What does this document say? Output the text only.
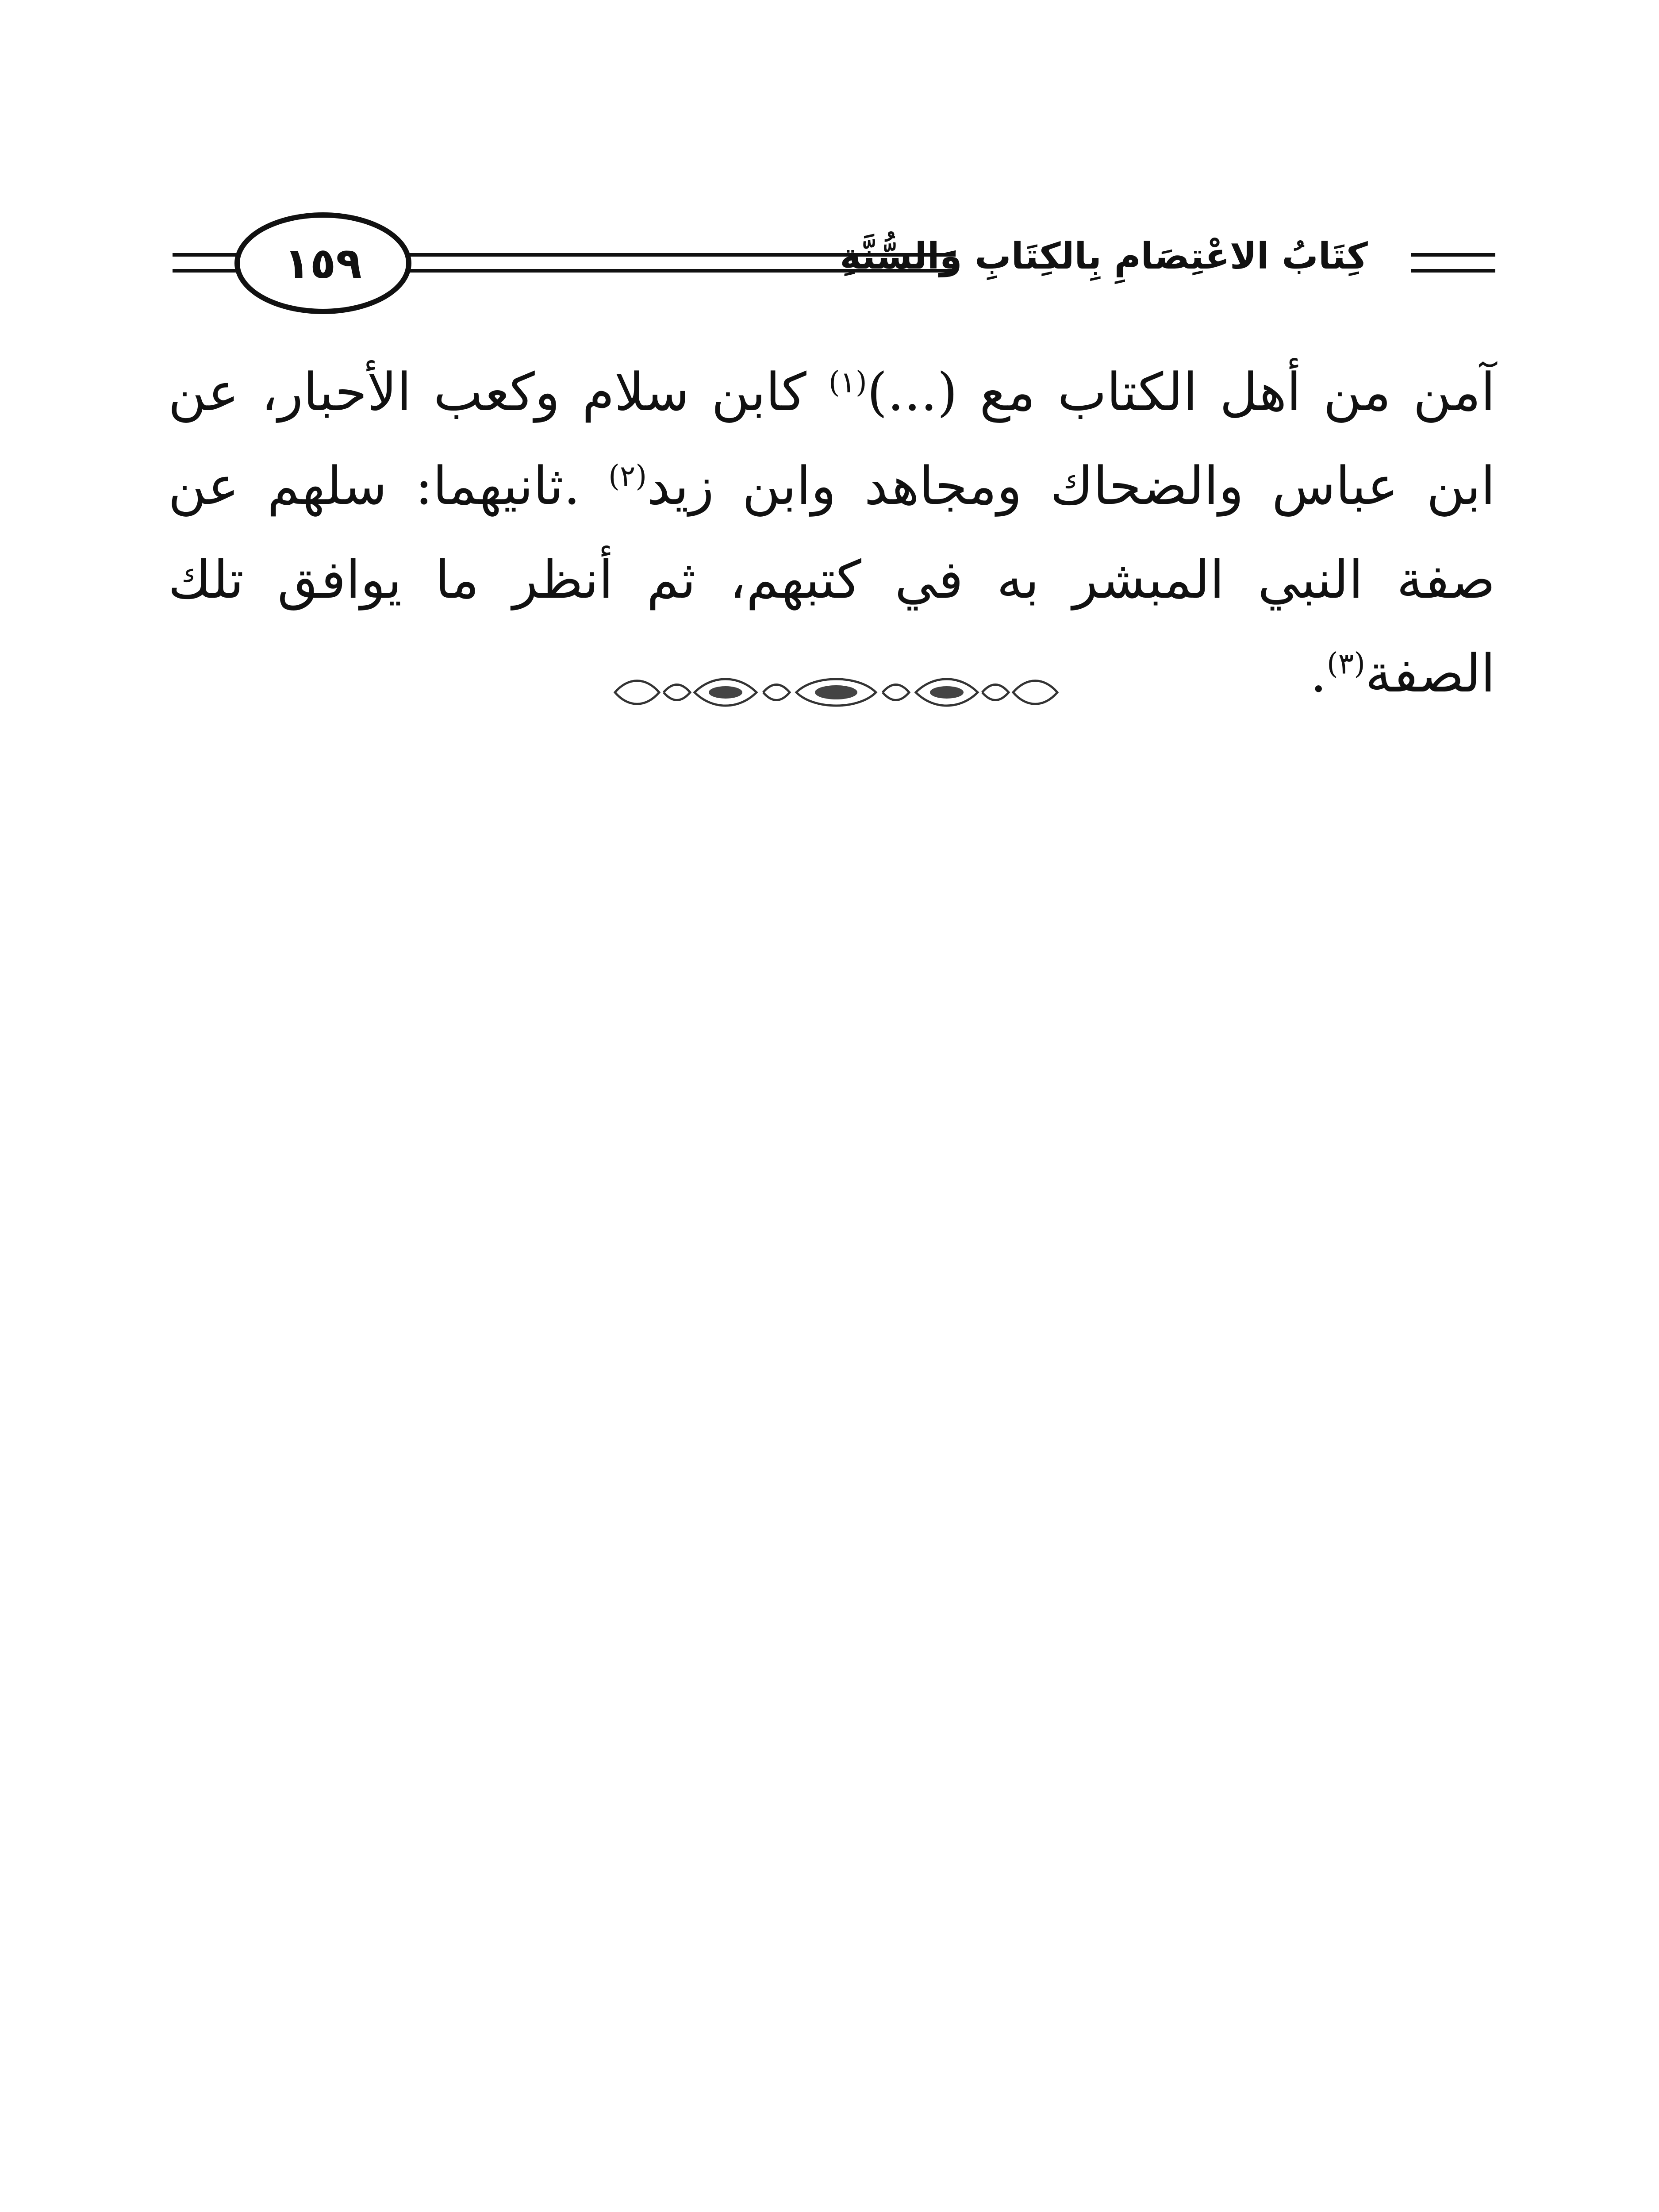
١٥٩	كِتَابُ الاعْتِصَامِ بِالكِتَابِ وَالسُّنَّةِ
آمن من أهل الكتاب مع (...)$^{(١)}$ كابن سلام وكعب الأحبار، عن ابن عباس والضحاك ومجاهد وابن زيد$^{(٢)}$ .ثانيهما: سلهم عن صفة النبي المبشر به في كتبهم، ثم أنظر ما يوافق تلك الصفة$^{(٣)}$.
